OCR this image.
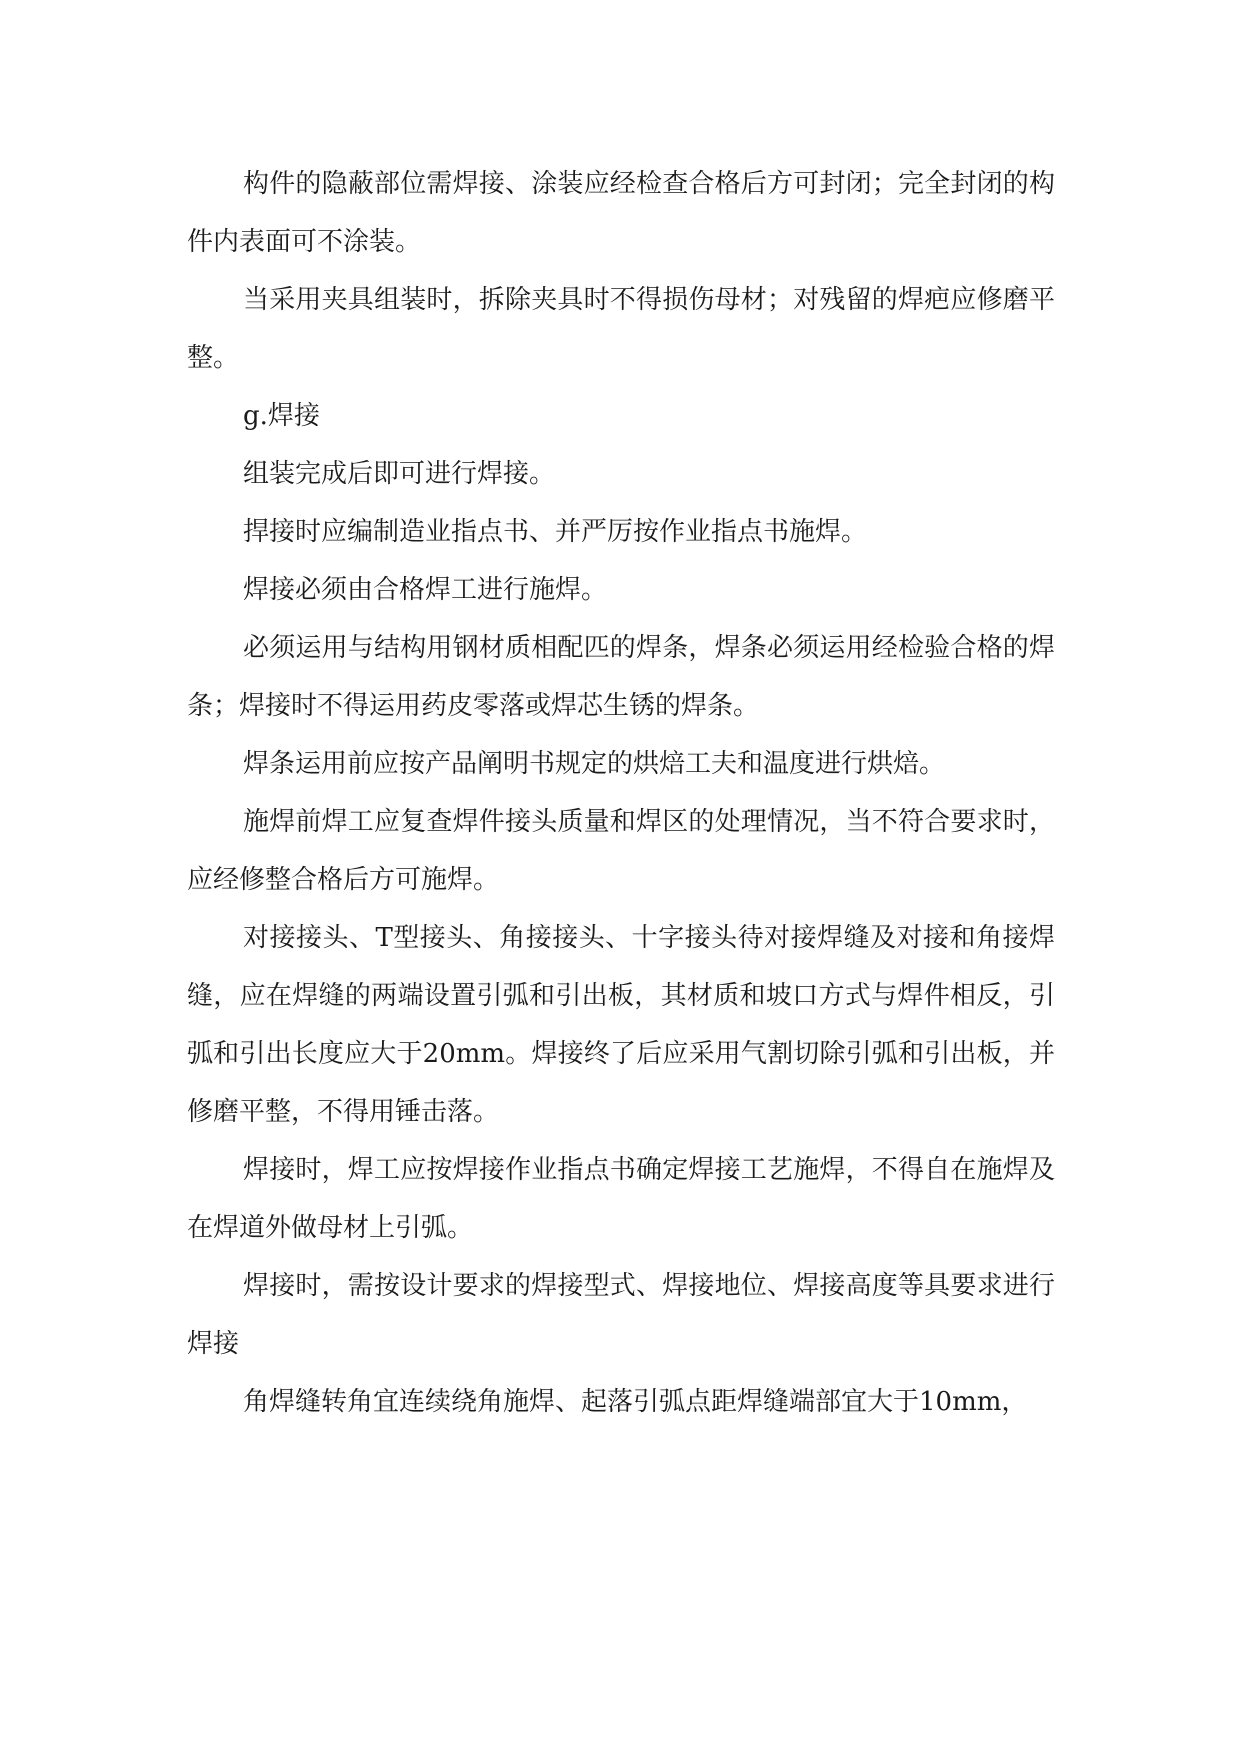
构件的隐蔽部位需焊接、涂装应经检查合格后方可封闭；完全封闭的构件内表面可不涂装。

当采用夹具组装时，拆除夹具时不得损伤母材；对残留的焊疤应修磨平整。

g.焊接

组装完成后即可进行焊接。

捍接时应编制造业指点书、并严厉按作业指点书施焊。

焊接必须由合格焊工进行施焊。

必须运用与结构用钢材质相配匹的焊条，焊条必须运用经检验合格的焊条；焊接时不得运用药皮零落或焊芯生锈的焊条。

焊条运用前应按产品阐明书规定的烘焙工夫和温度进行烘焙。

施焊前焊工应复查焊件接头质量和焊区的处理情况，当不符合要求时，应经修整合格后方可施焊。

对接接头、T型接头、角接接头、十字接头待对接焊缝及对接和角接焊缝，应在焊缝的两端设置引弧和引出板，其材质和坡口方式与焊件相反，引弧和引出长度应大于20mm。焊接终了后应采用气割切除引弧和引出板，并修磨平整，不得用锤击落。

焊接时，焊工应按焊接作业指点书确定焊接工艺施焊，不得自在施焊及在焊道外做母材上引弧。

焊接时，需按设计要求的焊接型式、焊接地位、焊接高度等具要求进行焊接

角焊缝转角宜连续绕角施焊、起落引弧点距焊缝端部宜大于10mm，
